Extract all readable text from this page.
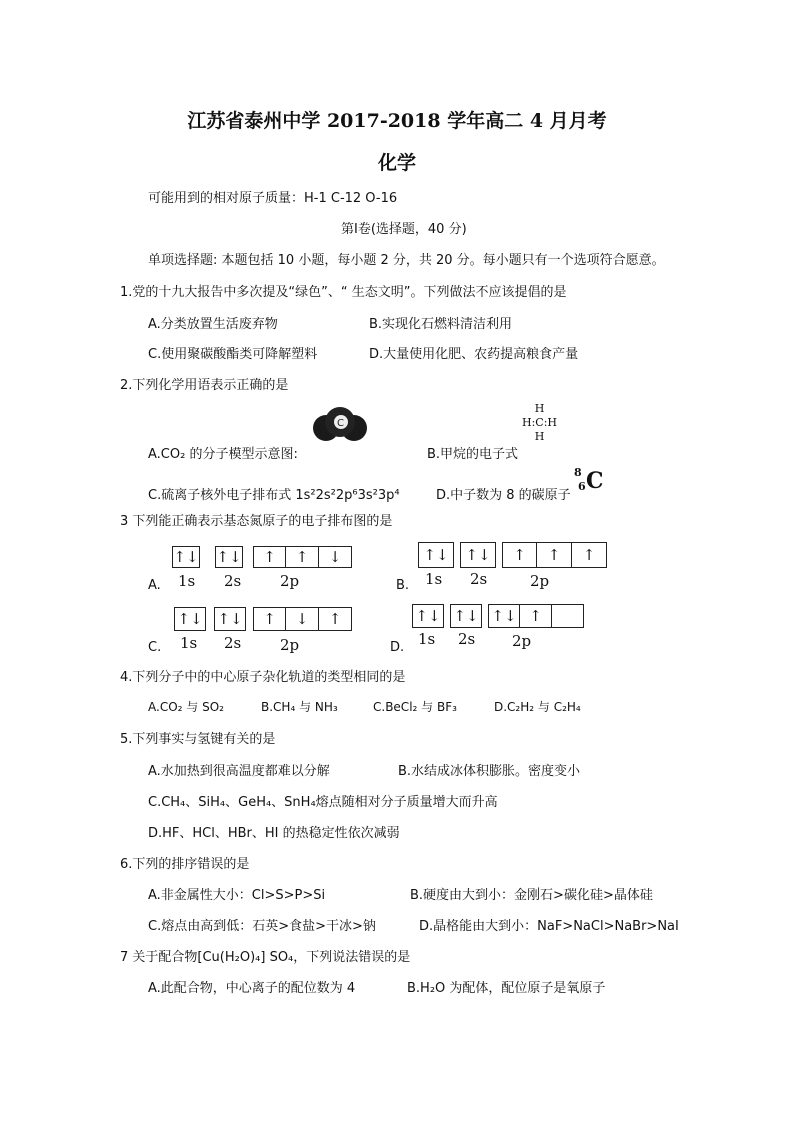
江苏省泰州中学 2017-2018 学年高二 4 月月考
化学
可能用到的相对原子质量：H-1 C-12 O-16
第Ⅰ卷(选择题，40 分)
单项选择题: 本题包括 10 小题，每小题 2 分，共 20 分。每小题只有一个选项符合愿意。
1.党的十九大报告中多次提及“绿色”、“ 生态文明”。下列做法不应该提倡的是
A.分类放置生活废弃物	B.实现化石燃料清洁利用
C.使用聚碳酸酯类可降解塑料	D.大量使用化肥、农药提高粮食产量
2.下列化学用语表示正确的是
C
A.CO₂ 的分子模型示意图:	B.甲烷的电子式
H
H:C:H
H
C.硫离子核外电子排布式 1s²2s²2p⁶3s²3p⁴	D.中子数为 8 的碳原子
8
6 C
3 下列能正确表示基态氮原子的电子排布图的是
A.
↑↓ ↑↓	↑	↑	↓
1s 2s	2p	B.
↑↓	↑↓	↑	↑	↑
1s 2s	2p
C.
↑↓ ↑↓	↑	↓	↑
1s 2s	2p	D.
↑↓ ↑↓ ↑↓ ↑
1s 2s 2p
4.下列分子中的中心原子杂化轨道的类型相同的是
A.CO₂ 与 SO₂	B.CH₄ 与 NH₃	C.BeCl₂ 与 BF₃	D.C₂H₂ 与 C₂H₄
5.下列事实与氢键有关的是
A.水加热到很高温度都难以分解	B.水结成冰体积膨胀。密度变小
C.CH₄、SiH₄、GeH₄、SnH₄熔点随相对分子质量增大而升高
D.HF、HCl、HBr、HI 的热稳定性依次减弱
6.下列的排序错误的是
A.非金属性大小：Cl>S>P>Si	B.硬度由大到小：金刚石>碳化硅>晶体硅
C.熔点由高到低：石英>食盐>干冰>钠	D.晶格能由大到小：NaF>NaCl>NaBr>NaI
7 关于配合物[Cu(H₂O)₄] SO₄，下列说法错误的是
A.此配合物，中心离子的配位数为 4	B.H₂O 为配体，配位原子是氧原子
